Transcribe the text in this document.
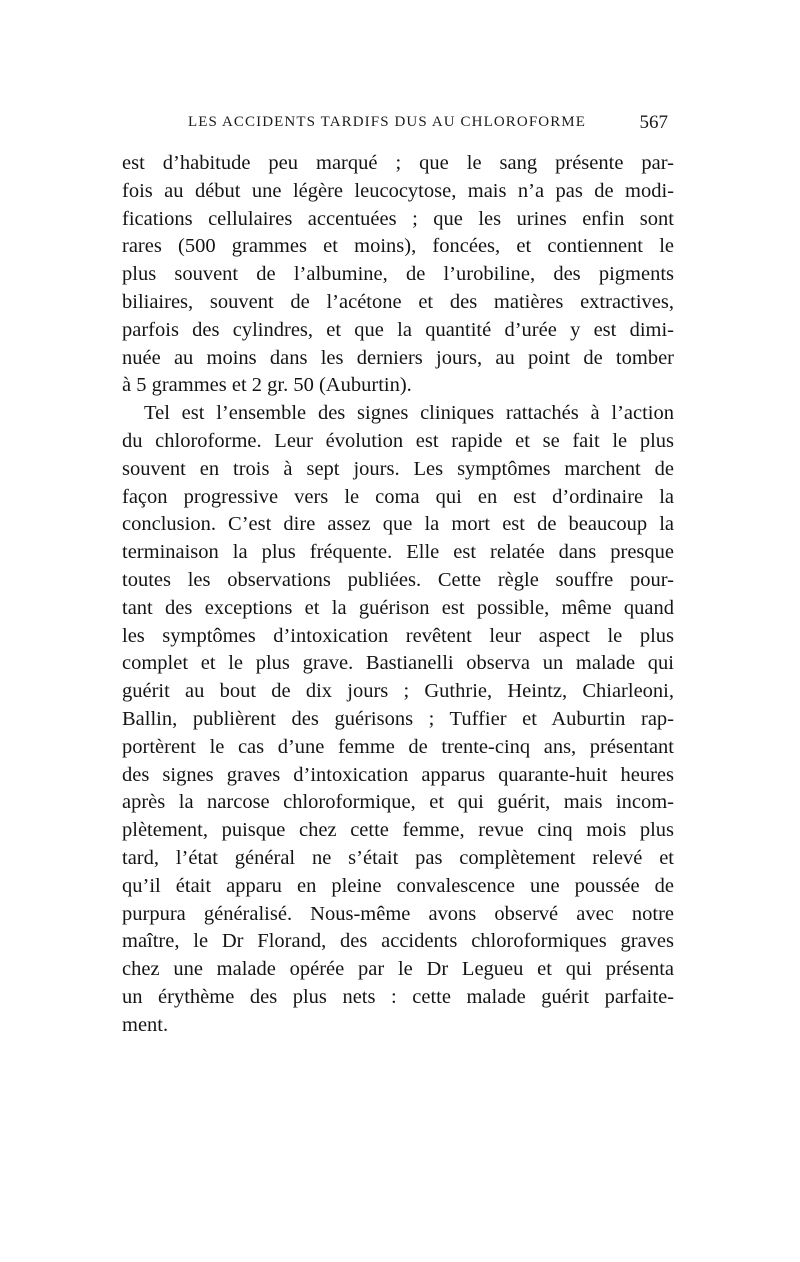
LES ACCIDENTS TARDIFS DUS AU CHLOROFORME	567
est d’habitude peu marqué ; que le sang présente par-
fois au début une légère leucocytose, mais n’a pas de modi-
fications cellulaires accentuées ; que les urines enfin sont
rares (500 grammes et moins), foncées, et contiennent le
plus souvent de l’albumine, de l’urobiline, des pigments
biliaires, souvent de l’acétone et des matières extractives,
parfois des cylindres, et que la quantité d’urée y est dimi-
nuée au moins dans les derniers jours, au point de tomber
à 5 grammes et 2 gr. 50 (Auburtin).
Tel est l’ensemble des signes cliniques rattachés à l’action
du chloroforme. Leur évolution est rapide et se fait le plus
souvent en trois à sept jours. Les symptômes marchent de
façon progressive vers le coma qui en est d’ordinaire la
conclusion. C’est dire assez que la mort est de beaucoup la
terminaison la plus fréquente. Elle est relatée dans presque
toutes les observations publiées. Cette règle souffre pour-
tant des exceptions et la guérison est possible, même quand
les symptômes d’intoxication revêtent leur aspect le plus
complet et le plus grave. Bastianelli observa un malade qui
guérit au bout de dix jours ; Guthrie, Heintz, Chiarleoni,
Ballin, publièrent des guérisons ; Tuffier et Auburtin rap-
portèrent le cas d’une femme de trente-cinq ans, présentant
des signes graves d’intoxication apparus quarante-huit heures
après la narcose chloroformique, et qui guérit, mais incom-
plètement, puisque chez cette femme, revue cinq mois plus
tard, l’état général ne s’était pas complètement relevé et
qu’il était apparu en pleine convalescence une poussée de
purpura généralisé. Nous-même avons observé avec notre
maître, le Dr Florand, des accidents chloroformiques graves
chez une malade opérée par le Dr Legueu et qui présenta
un érythème des plus nets : cette malade guérit parfaite-
ment.
